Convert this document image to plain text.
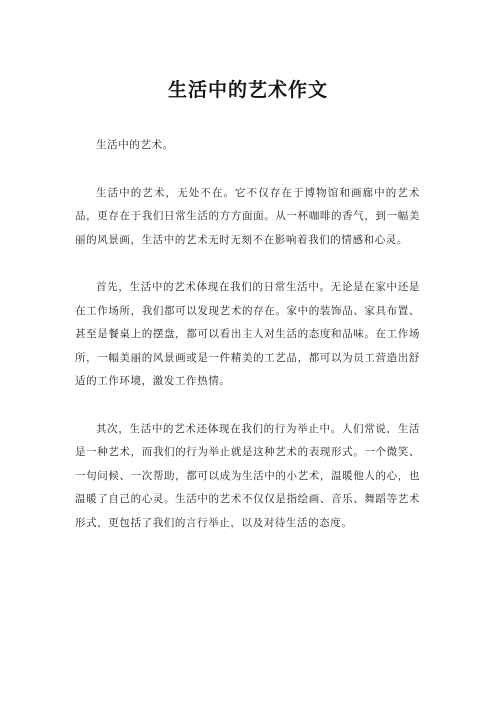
生活中的艺术作文

生活中的艺术。

生活中的艺术，无处不在。它不仅存在于博物馆和画廊中的艺术品，更存在于我们日常生活的方方面面。从一杯咖啡的香气，到一幅美丽的风景画，生活中的艺术无时无刻不在影响着我们的情感和心灵。

首先，生活中的艺术体现在我们的日常生活中。无论是在家中还是在工作场所，我们都可以发现艺术的存在。家中的装饰品、家具布置、甚至是餐桌上的摆盘，都可以看出主人对生活的态度和品味。在工作场所，一幅美丽的风景画或是一件精美的工艺品，都可以为员工营造出舒适的工作环境，激发工作热情。

其次，生活中的艺术还体现在我们的行为举止中。人们常说，生活是一种艺术，而我们的行为举止就是这种艺术的表现形式。一个微笑、一句问候、一次帮助，都可以成为生活中的小艺术，温暖他人的心，也温暖了自己的心灵。生活中的艺术不仅仅是指绘画、音乐、舞蹈等艺术形式，更包括了我们的言行举止，以及对待生活的态度。
